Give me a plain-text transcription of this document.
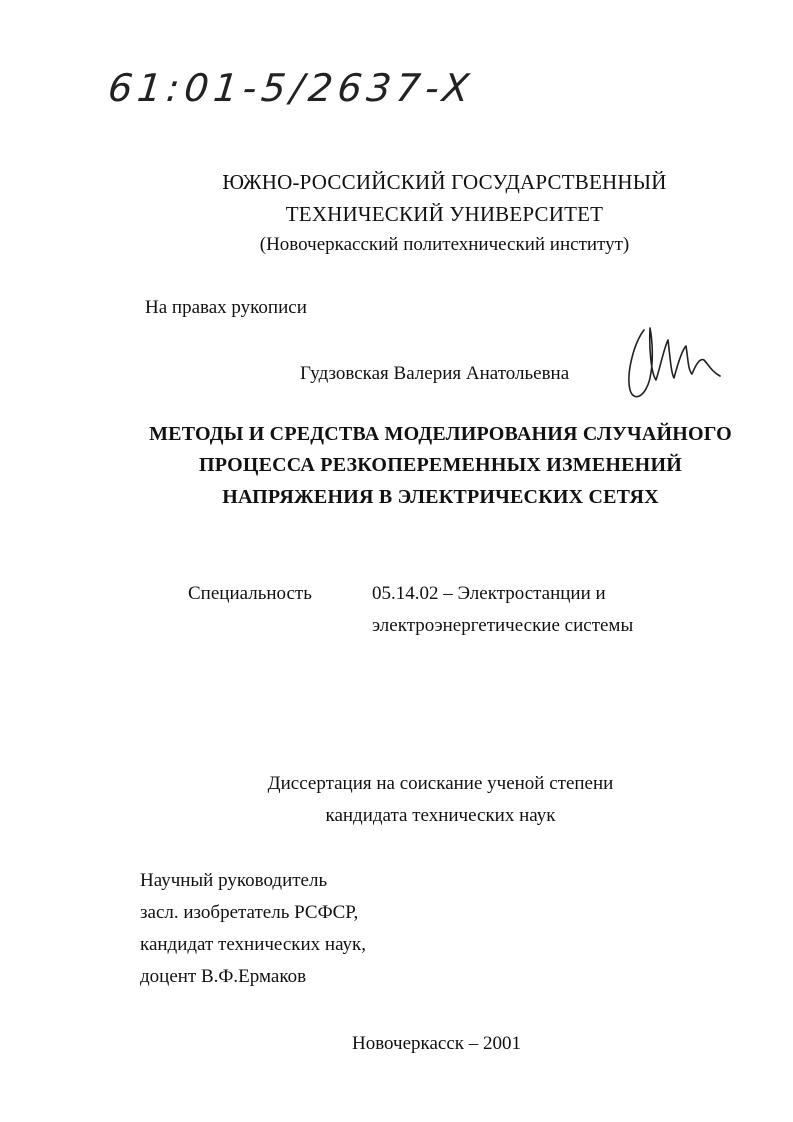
61:01-5/2637-X
ЮЖНО-РОССИЙСКИЙ ГОСУДАРСТВЕННЫЙ
ТЕХНИЧЕСКИЙ УНИВЕРСИТЕТ
(Новочеркасский политехнический институт)
На правах рукописи
Гудзовская Валерия Анатольевна
МЕТОДЫ И СРЕДСТВА МОДЕЛИРОВАНИЯ СЛУЧАЙНОГО
ПРОЦЕССА РЕЗКОПЕРЕМЕННЫХ ИЗМЕНЕНИЙ
НАПРЯЖЕНИЯ В ЭЛЕКТРИЧЕСКИХ СЕТЯХ
Специальность	05.14.02 – Электростанции и
электроэнергетические системы
Диссертация на соискание ученой степени
кандидата технических наук
Научный руководитель
засл. изобретатель РСФСР,
кандидат технических наук,
доцент В.Ф.Ермаков
Новочеркасск – 2001
